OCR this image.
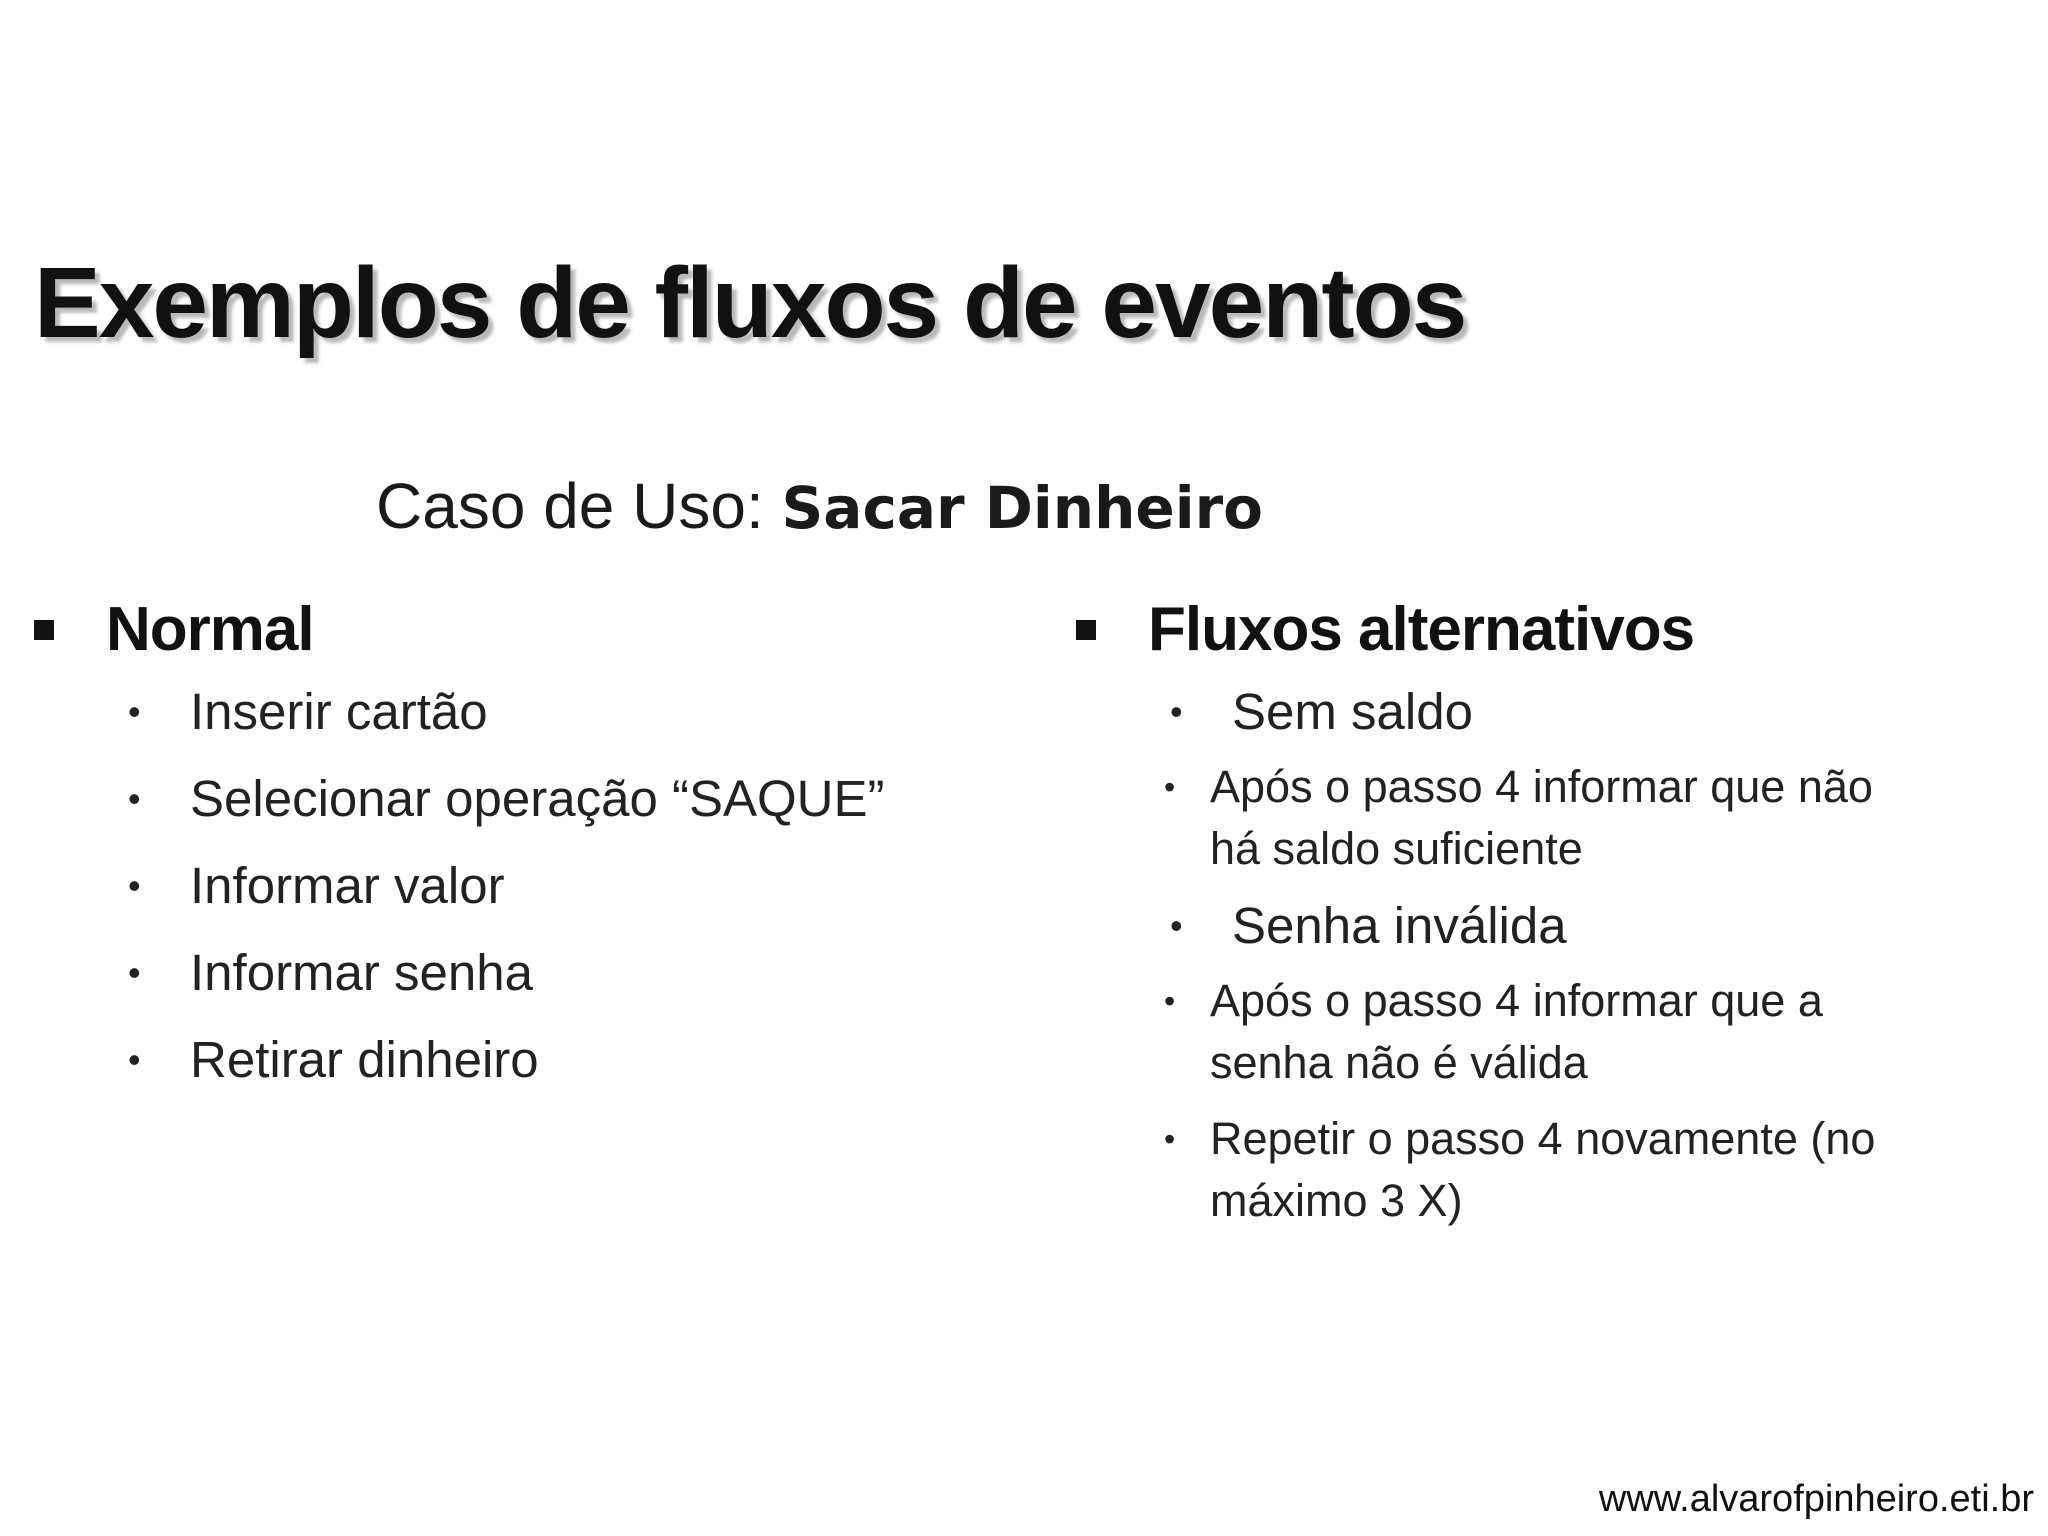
Exemplos de fluxos de eventos
Caso de Uso: Sacar Dinheiro
Normal
• Inserir cartão
• Selecionar operação “SAQUE”
• Informar valor
• Informar senha
• Retirar dinheiro
Fluxos alternativos
• Sem saldo
• Após o passo 4 informar que não há saldo suficiente
• Senha inválida
• Após o passo 4 informar que a senha não é válida
• Repetir o passo 4 novamente (no máximo 3 X)
www.alvarofpinheiro.eti.br
